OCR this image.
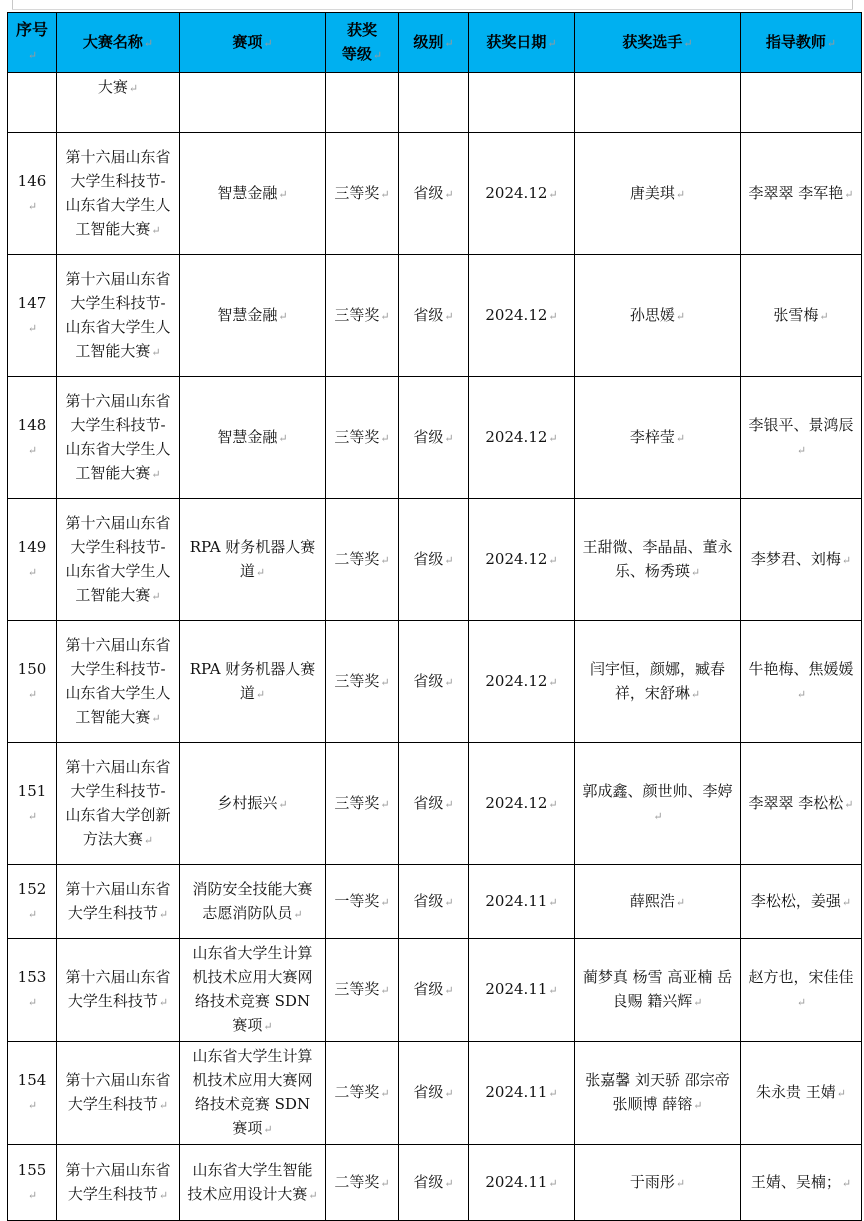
序号↵	大赛名称↵	赛项↵	获奖等级↵	级别↵	获奖日期↵	获奖选手↵	指导教师↵
	大赛↵						
146↵	第十六届山东省大学生科技节-山东省大学生人工智能大赛↵	智慧金融↵	三等奖↵	省级↵	2024.12↵	唐美琪↵	李翠翠 李军艳↵
147↵	第十六届山东省大学生科技节-山东省大学生人工智能大赛↵	智慧金融↵	三等奖↵	省级↵	2024.12↵	孙思媛↵	张雪梅↵
148↵	第十六届山东省大学生科技节-山东省大学生人工智能大赛↵	智慧金融↵	三等奖↵	省级↵	2024.12↵	李梓莹↵	李银平、景鸿辰↵
149↵	第十六届山东省大学生科技节-山东省大学生人工智能大赛↵	RPA 财务机器人赛道↵	二等奖↵	省级↵	2024.12↵	王甜微、李晶晶、董永乐、杨秀瑛↵	李梦君、刘梅↵
150↵	第十六届山东省大学生科技节-山东省大学生人工智能大赛↵	RPA 财务机器人赛道↵	三等奖↵	省级↵	2024.12↵	闫宇恒，颜娜，臧春祥，宋舒琳↵	牛艳梅、焦媛媛↵
151↵	第十六届山东省大学生科技节-山东省大学创新方法大赛↵	乡村振兴↵	三等奖↵	省级↵	2024.12↵	郭成鑫、颜世帅、李婷↵	李翠翠 李松松↵
152↵	第十六届山东省大学生科技节↵	消防安全技能大赛志愿消防队员↵	一等奖↵	省级↵	2024.11↵	薛熙浩↵	李松松，姜强↵
153↵	第十六届山东省大学生科技节↵	山东省大学生计算机技术应用大赛网络技术竞赛 SDN 赛项↵	三等奖↵	省级↵	2024.11↵	蔺梦真 杨雪 高亚楠 岳良赐 籍兴辉↵	赵方也，宋佳佳↵
154↵	第十六届山东省大学生科技节↵	山东省大学生计算机技术应用大赛网络技术竞赛 SDN 赛项↵	二等奖↵	省级↵	2024.11↵	张嘉馨 刘天骄 邵宗帝 张顺博 薛镕↵	朱永贵 王婧↵
155↵	第十六届山东省大学生科技节↵	山东省大学生智能技术应用设计大赛↵	二等奖↵	省级↵	2024.11↵	于雨彤↵	王婧、吴楠；↵
